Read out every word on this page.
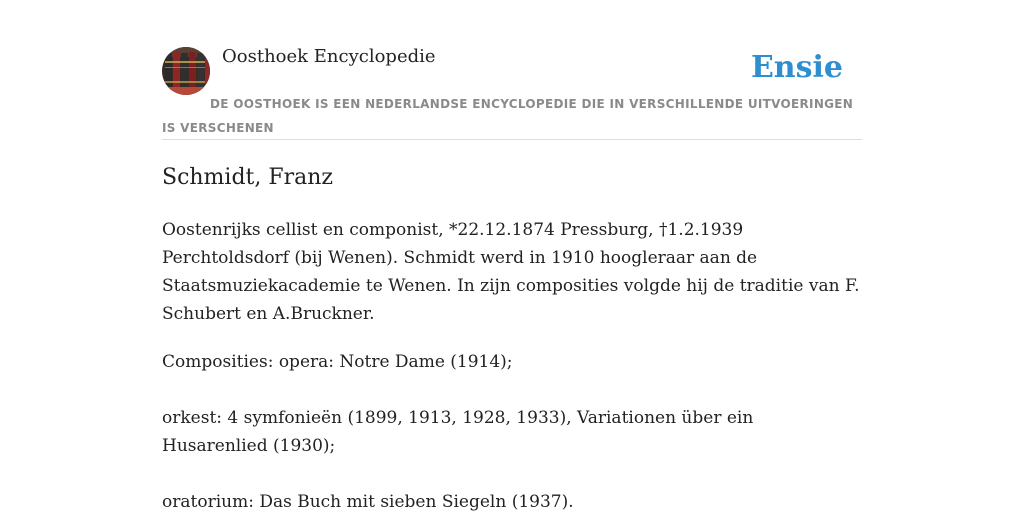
Oosthoek Encyclopedie	Ensie
DE OOSTHOEK IS EEN NEDERLANDSE ENCYCLOPEDIE DIE IN VERSCHILLENDE UITVOERINGEN IS VERSCHENEN
Schmidt, Franz

Oostenrijks cellist en componist, *22.12.1874 Pressburg, †1.2.1939 Perchtoldsdorf (bij Wenen). Schmidt werd in 1910 hoogleraar aan de Staatsmuziekacademie te Wenen. In zijn composities volgde hij de traditie van F. Schubert en A.Bruckner.

Composities: opera: Notre Dame (1914);

orkest: 4 symfonieën (1899, 1913, 1928, 1933), Variationen über ein Husarenlied (1930);

oratorium: Das Buch mit sieben Siegeln (1937).
